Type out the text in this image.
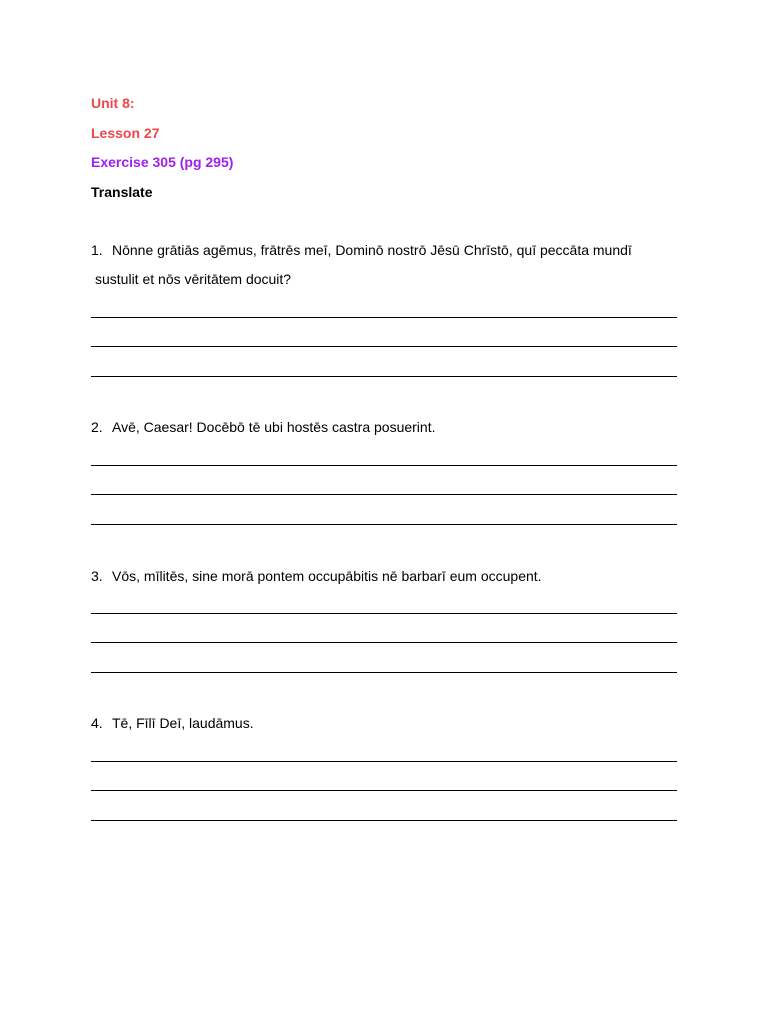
Unit 8:
Lesson 27
Exercise 305 (pg 295)
Translate
1. Nōnne grātiās agēmus, frātrēs meī, Dominō nostrō Jēsū Chrīstō, quī peccāta mundī
sustulit et nōs vēritātem docuit?
2. Avē, Caesar! Docēbō tē ubi hostēs castra posuerint.
3. Vōs, mīlitēs, sine morā pontem occupābitis nē barbarī eum occupent.
4. Tē, Fīlī Deī, laudāmus.
